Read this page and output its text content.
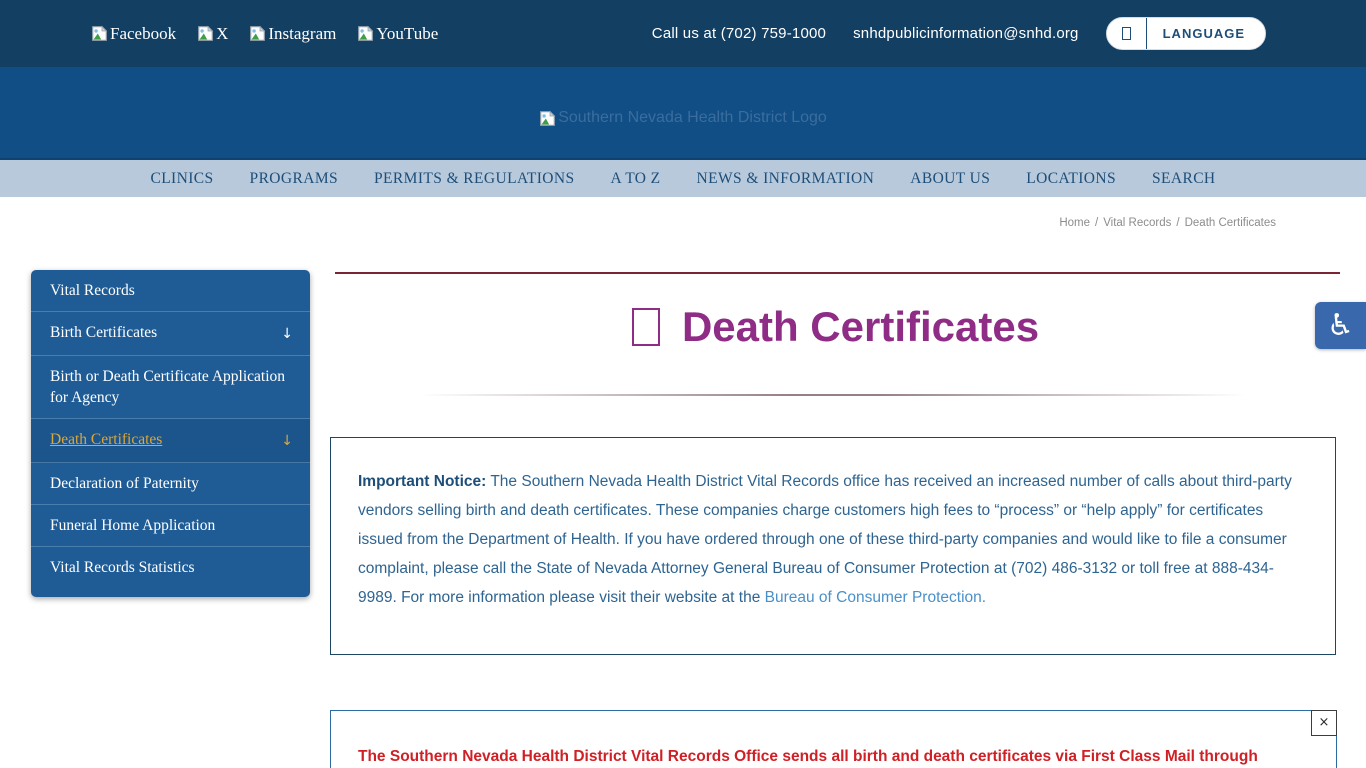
Facebook X Instagram YouTube	Call us at (702) 759-1000 snhdpublicinformation@snhd.org	LANGUAGE
Southern Nevada Health District Logo
CLINICS PROGRAMS PERMITS & REGULATIONS A TO Z NEWS & INFORMATION ABOUT US LOCATIONS SEARCH
Home / Vital Records / Death Certificates
Vital Records
Birth Certificates	↓
Birth or Death Certificate Application for Agency
Death Certificates	↓
Declaration of Paternity
Funeral Home Application
Vital Records Statistics
Death Certificates

Important Notice: The Southern Nevada Health District Vital Records office has received an increased number of calls about third-party vendors selling birth and death certificates. These companies charge customers high fees to “process” or “help apply” for certificates issued from the Department of Health. If you have ordered through one of these third-party companies and would like to file a consumer complaint, please call the State of Nevada Attorney General Bureau of Consumer Protection at (702) 486-3132 or toll free at 888-434-9989. For more information please visit their website at the Bureau of Consumer Protection.

×

The Southern Nevada Health District Vital Records Office sends all birth and death certificates via First Class Mail through

♿
